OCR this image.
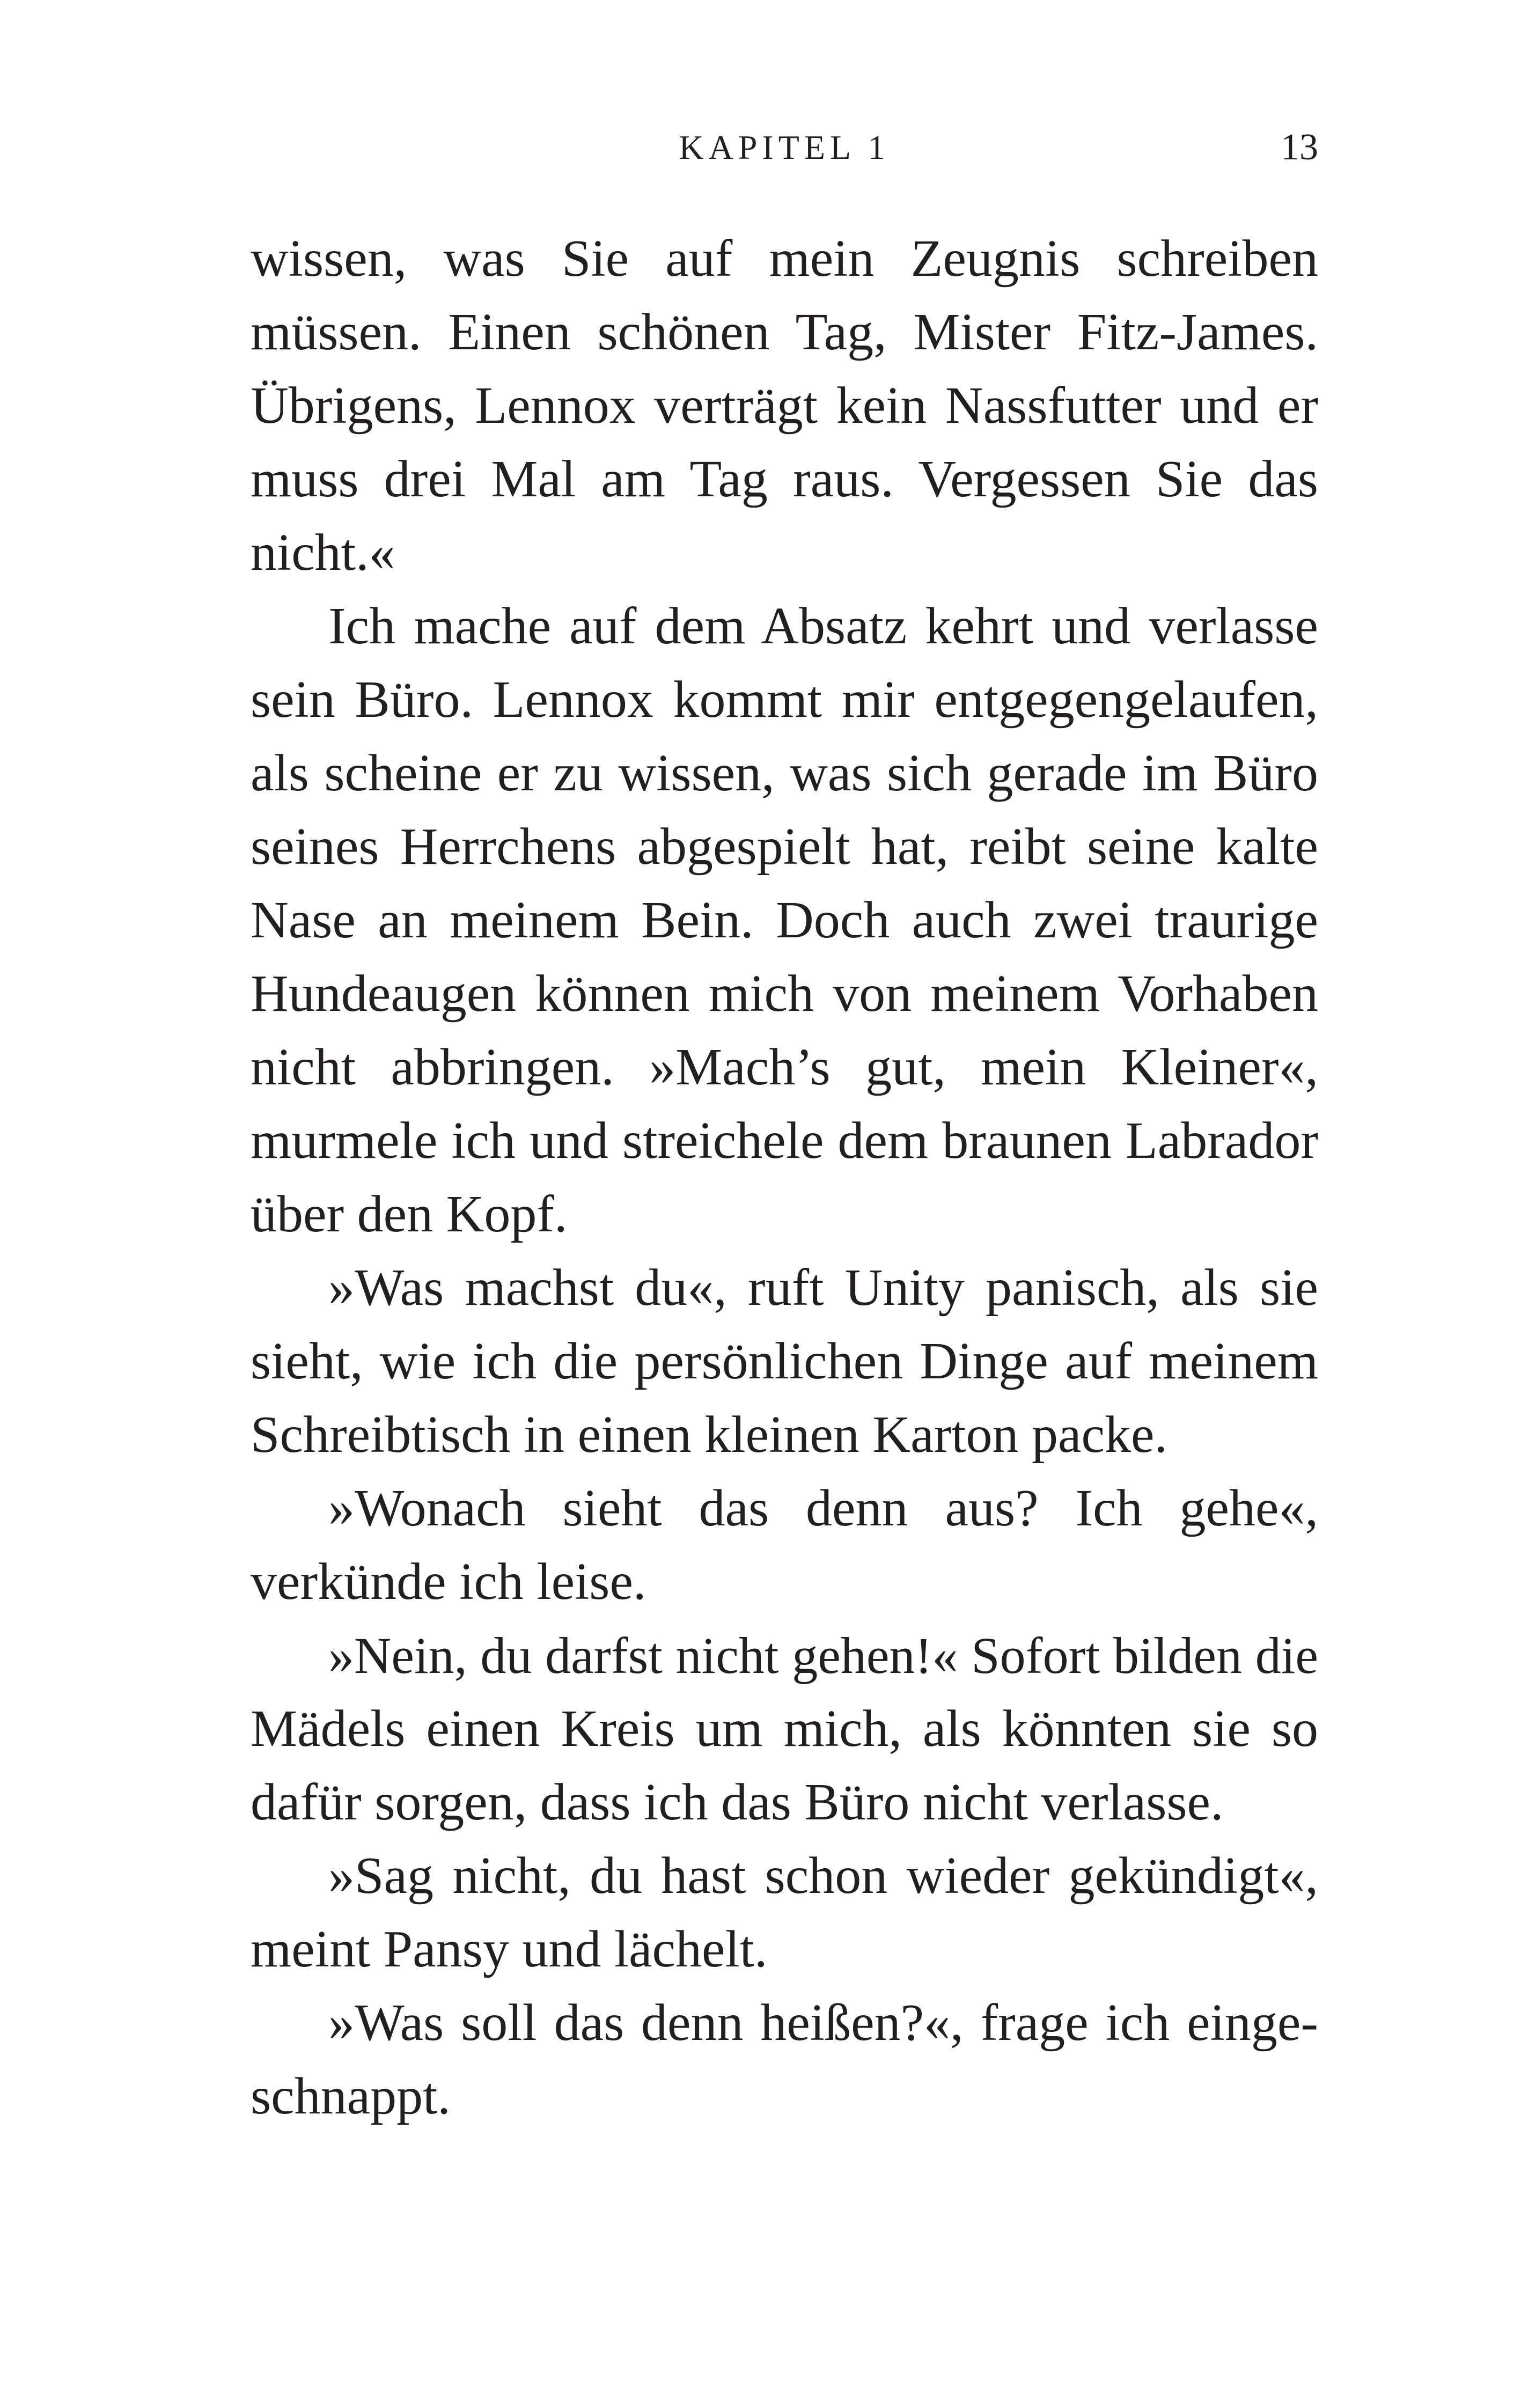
KAPITEL 1	13
wissen, was Sie auf mein Zeugnis schreiben
müssen. Einen schönen Tag, Mister Fitz-James.
Übrigens, Lennox verträgt kein Nassfutter und er
muss drei Mal am Tag raus. Vergessen Sie das
nicht.«
Ich mache auf dem Absatz kehrt und verlasse
sein Büro. Lennox kommt mir entgegengelaufen,
als scheine er zu wissen, was sich gerade im Büro
seines Herrchens abgespielt hat, reibt seine kalte
Nase an meinem Bein. Doch auch zwei traurige
Hundeaugen können mich von meinem Vorhaben
nicht abbringen. »Mach’s gut, mein Kleiner«,
murmele ich und streichele dem braunen Labrador
über den Kopf.
»Was machst du«, ruft Unity panisch, als sie
sieht, wie ich die persönlichen Dinge auf meinem
Schreibtisch in einen kleinen Karton packe.
»Wonach sieht das denn aus? Ich gehe«,
verkünde ich leise.
»Nein, du darfst nicht gehen!« Sofort bilden die
Mädels einen Kreis um mich, als könnten sie so
dafür sorgen, dass ich das Büro nicht verlasse.
»Sag nicht, du hast schon wieder gekündigt«,
meint Pansy und lächelt.
»Was soll das denn heißen?«, frage ich einge-
schnappt.
